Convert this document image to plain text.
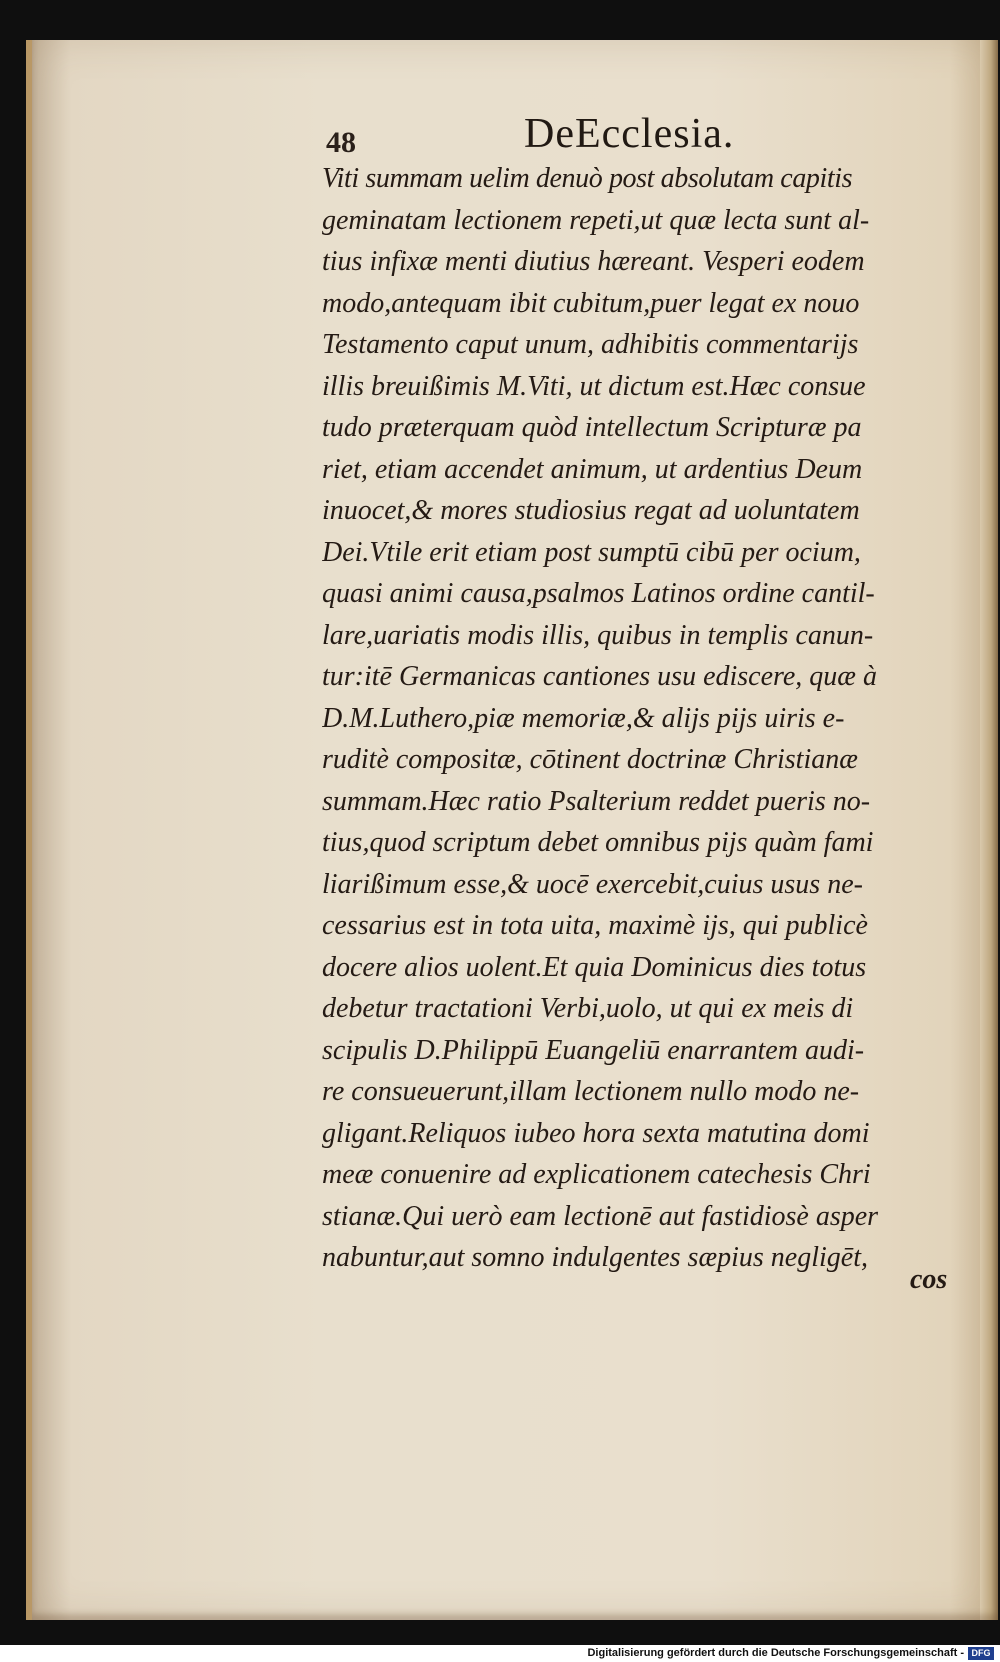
48	DeEcclesia.
Viti summam uelim denuò post absolutam capitis
geminatam lectionem repeti,ut quæ lecta sunt al-
tius infixæ menti diutius hæreant. Vesperi eodem
modo,antequam ibit cubitum,puer legat ex nouo
Testamento caput unum, adhibitis commentarijs
illis breuißimis M.Viti, ut dictum est.Hæc consue
tudo præterquam quòd intellectum Scripturæ pa
riet, etiam accendet animum, ut ardentius Deum
inuocet,& mores studiosius regat ad uoluntatem
Dei.Vtile erit etiam post sumptū cibū per ocium,
quasi animi causa,psalmos Latinos ordine cantil-
lare,uariatis modis illis, quibus in templis canun-
tur:itē Germanicas cantiones usu ediscere, quæ à
D.M.Luthero,piæ memoriæ,& alijs pijs uiris e-
ruditè compositæ, cōtinent doctrinæ Christianæ
summam.Hæc ratio Psalterium reddet pueris no-
tius,quod scriptum debet omnibus pijs quàm fami
liarißimum esse,& uocē exercebit,cuius usus ne-
cessarius est in tota uita, maximè ijs, qui publicè
docere alios uolent.Et quia Dominicus dies totus
debetur tractationi Verbi,uolo, ut qui ex meis di
scipulis D.Philippū Euangeliū enarrantem audi-
re consueuerunt,illam lectionem nullo modo ne-
gligant.Reliquos iubeo hora sexta matutina domi
meæ conuenire ad explicationem catechesis Chri
stianæ.Qui uerò eam lectionē aut fastidiosè asper
nabuntur,aut somno indulgentes sæpius negligēt,
cos
Digitalisierung gefördert durch die Deutsche Forschungsgemeinschaft - DFG
